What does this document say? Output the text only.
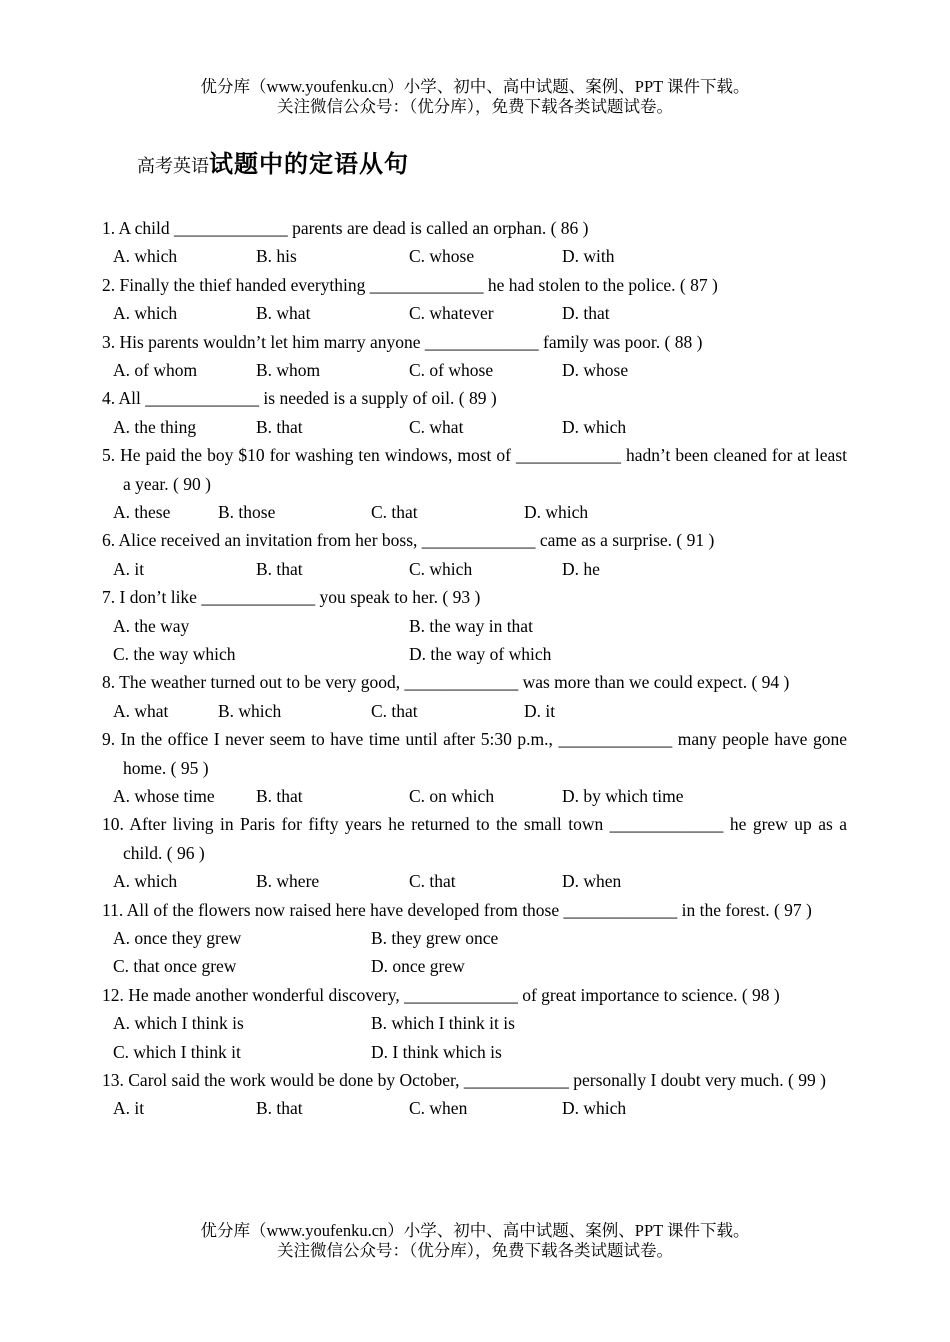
优分库（www.youfenku.cn）小学、初中、高中试题、案例、PPT 课件下载。
关注微信公众号：（优分库），免费下载各类试题试卷。
高考英语试题中的定语从句
1. A child _____________ parents are dead is called an orphan. ( 86 )
A. which	B. his	C. whose	D. with
2. Finally the thief handed everything _____________ he had stolen to the police. ( 87 )
A. which	B. what	C. whatever	D. that
3. His parents wouldn’t let him marry anyone _____________ family was poor. ( 88 )
A. of whom	B. whom	C. of whose	D. whose
4. All _____________ is needed is a supply of oil. ( 89 )
A. the thing	B. that	C. what	D. which
5. He paid the boy $10 for washing ten windows, most of ____________ hadn’t been cleaned for at least a year. ( 90 )
A. these	B. those	C. that	D. which
6. Alice received an invitation from her boss, _____________ came as a surprise. ( 91 )
A. it	B. that	C. which	D. he
7. I don’t like _____________ you speak to her. ( 93 )
A. the way	B. the way in that
C. the way which	D. the way of which
8. The weather turned out to be very good, _____________ was more than we could expect. ( 94 )
A. what	B. which	C. that	D. it
9. In the office I never seem to have time until after 5:30 p.m., _____________ many people have gone home. ( 95 )
A. whose time B. that	C. on which	D. by which time
10. After living in Paris for fifty years he returned to the small town _____________ he grew up as a child. ( 96 )
A. which	B. where	C. that	D. when
11. All of the flowers now raised here have developed from those _____________ in the forest. ( 97 )
A. once they grew	B. they grew once
C. that once grew	D. once grew
12. He made another wonderful discovery, _____________ of great importance to science. ( 98 )
A. which I think is	B. which I think it is
C. which I think it	D. I think which is
13. Carol said the work would be done by October, ____________ personally I doubt very much. ( 99 )
A. it	B. that	C. when	D. which
优分库（www.youfenku.cn）小学、初中、高中试题、案例、PPT 课件下载。
关注微信公众号：（优分库），免费下载各类试题试卷。
